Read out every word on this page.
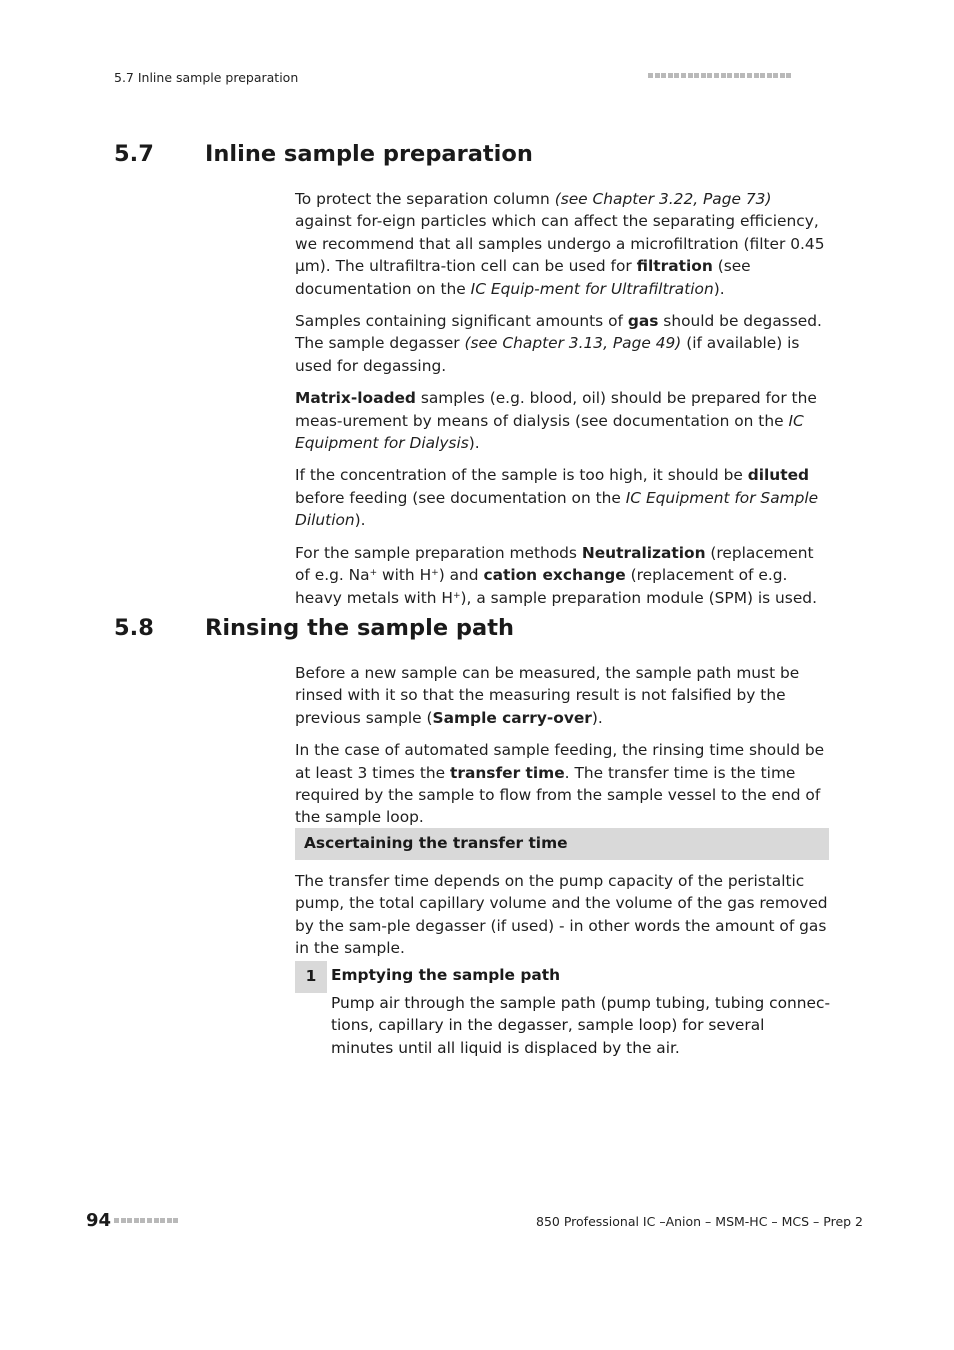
5.7 Inline sample preparation
5.7 Inline sample preparation

To protect the separation column (see Chapter 3.22, Page 73) against for-eign particles which can affect the separating efficiency, we recommend that all samples undergo a microfiltration (filter 0.45 µm). The ultrafiltra-tion cell can be used for filtration (see documentation on the IC Equip-ment for Ultrafiltration).

Samples containing significant amounts of gas should be degassed. The sample degasser (see Chapter 3.13, Page 49) (if available) is used for degassing.

Matrix-loaded samples (e.g. blood, oil) should be prepared for the meas-urement by means of dialysis (see documentation on the IC Equipment for Dialysis).

If the concentration of the sample is too high, it should be diluted before feeding (see documentation on the IC Equipment for Sample Dilution).

For the sample preparation methods Neutralization (replacement of e.g. Na+ with H+) and cation exchange (replacement of e.g. heavy metals with H+), a sample preparation module (SPM) is used.

5.8 Rinsing the sample path

Before a new sample can be measured, the sample path must be rinsed with it so that the measuring result is not falsified by the previous sample (Sample carry-over).

In the case of automated sample feeding, the rinsing time should be at least 3 times the transfer time. The transfer time is the time required by the sample to flow from the sample vessel to the end of the sample loop.

Ascertaining the transfer time

The transfer time depends on the pump capacity of the peristaltic pump, the total capillary volume and the volume of the gas removed by the sam-ple degasser (if used) - in other words the amount of gas in the sample.

1 Emptying the sample path
Pump air through the sample path (pump tubing, tubing connec-tions, capillary in the degasser, sample loop) for several minutes until all liquid is displaced by the air.
94	850 Professional IC –Anion – MSM-HC – MCS – Prep 2
